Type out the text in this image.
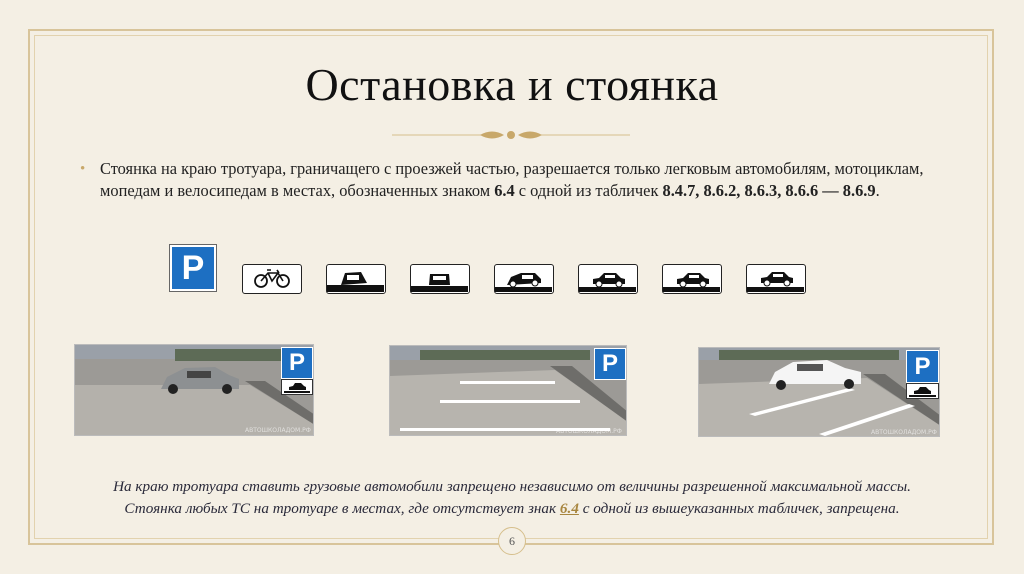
Остановка и стоянка
• Стоянка на краю тротуара, граничащего с проезжей частью, разрешается только легковым автомобилям, мотоциклам, мопедам и велосипедам в местах, обозначенных знаком 6.4 с одной из табличек 8.4.7, 8.6.2, 8.6.3, 8.6.6 — 8.6.9.
P
P
АВТОШКОЛАДОМ.РФ
P
АВТОШКОЛАДОМ.РФ
P
АВТОШКОЛАДОМ.РФ
На краю тротуара ставить грузовые автомобили запрещено независимо от величины разрешенной максимальной массы.
Стоянка любых ТС на тротуаре в местах, где отсутствует знак 6.4 с одной из вышеуказанных табличек, запрещена.
6
